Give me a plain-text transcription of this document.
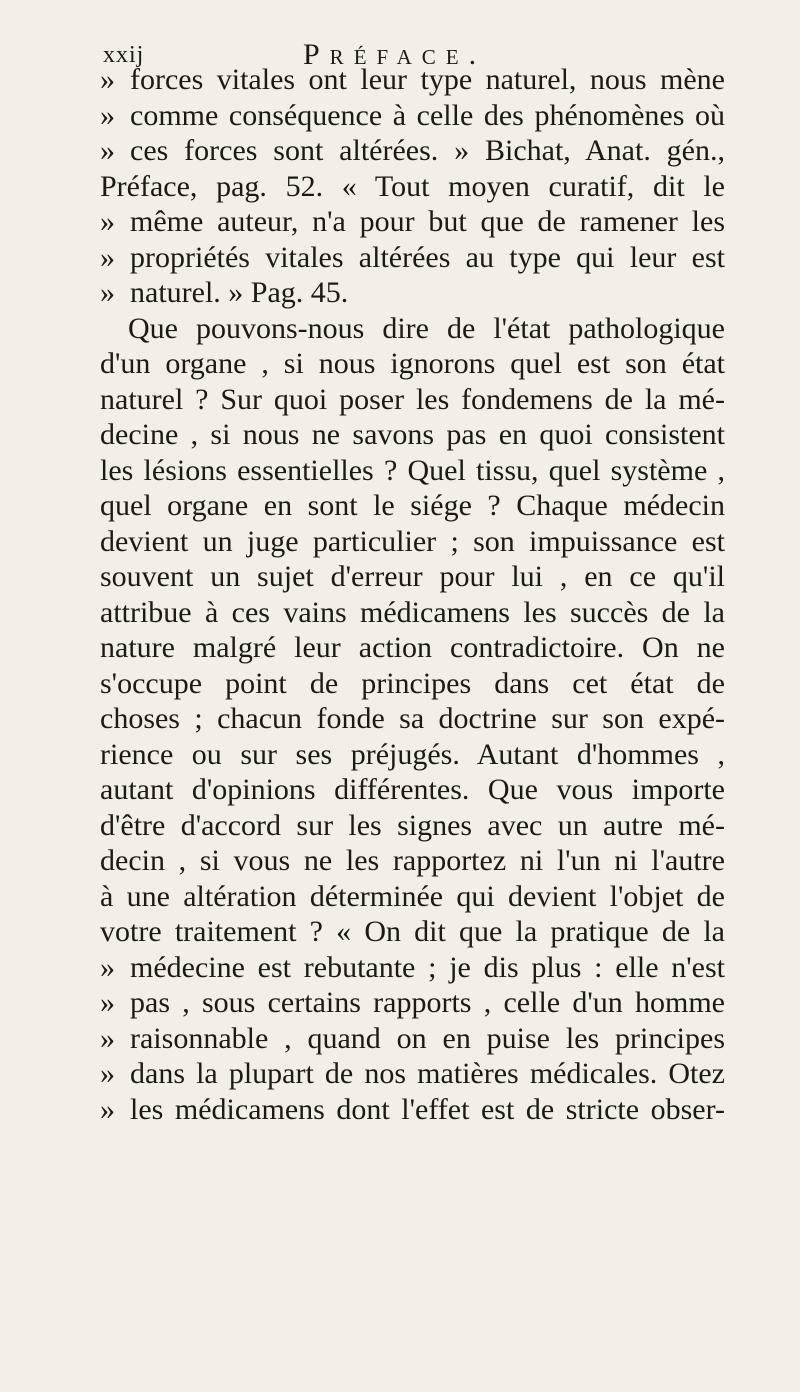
xxij	Préface.
» forces vitales ont leur type naturel, nous mène
» comme conséquence à celle des phénomènes où
» ces forces sont altérées. » Bichat, Anat. gén.,
Préface, pag. 52. « Tout moyen curatif, dit le
» même auteur, n'a pour but que de ramener les
» propriétés vitales altérées au type qui leur est
» naturel. » Pag. 45.
Que pouvons-nous dire de l'état pathologique
d'un organe , si nous ignorons quel est son état
naturel ? Sur quoi poser les fondemens de la mé-
decine , si nous ne savons pas en quoi consistent
les lésions essentielles ? Quel tissu, quel système ,
quel organe en sont le siége ? Chaque médecin
devient un juge particulier ; son impuissance est
souvent un sujet d'erreur pour lui , en ce qu'il
attribue à ces vains médicamens les succès de la
nature malgré leur action contradictoire. On ne
s'occupe point de principes dans cet état de
choses ; chacun fonde sa doctrine sur son expé-
rience ou sur ses préjugés. Autant d'hommes ,
autant d'opinions différentes. Que vous importe
d'être d'accord sur les signes avec un autre mé-
decin , si vous ne les rapportez ni l'un ni l'autre
à une altération déterminée qui devient l'objet de
votre traitement ? « On dit que la pratique de la
» médecine est rebutante ; je dis plus : elle n'est
» pas , sous certains rapports , celle d'un homme
» raisonnable , quand on en puise les principes
» dans la plupart de nos matières médicales. Otez
» les médicamens dont l'effet est de stricte obser-
